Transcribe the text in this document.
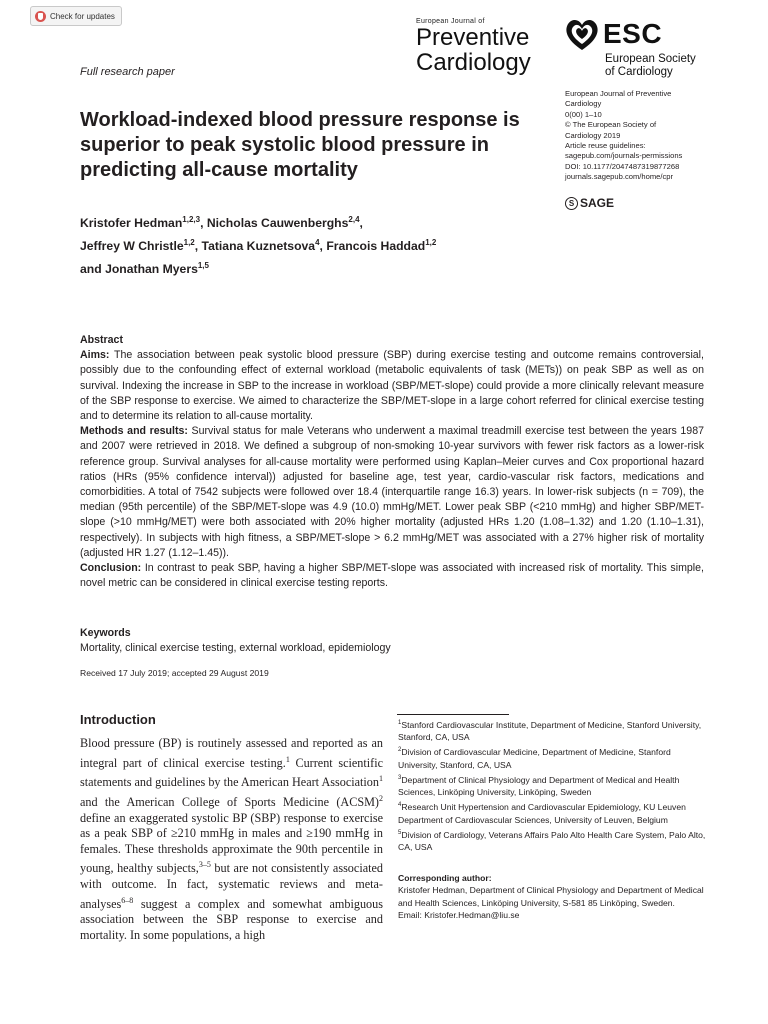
Check for updates
European Journal of
Preventive
Cardiology
ESC
European Society
of Cardiology
Full research paper
Workload-indexed blood pressure response is superior to peak systolic blood pressure in predicting all-cause mortality
European Journal of Preventive
Cardiology
0(00) 1–10
© The European Society of
Cardiology 2019
Article reuse guidelines:
sagepub.com/journals-permissions
DOI: 10.1177/2047487319877268
journals.sagepub.com/home/cpr
S SAGE
Kristofer Hedman$^{1,2,3}$, Nicholas Cauwenberghs$^{2,4}$,
Jeffrey W Christle$^{1,2}$, Tatiana Kuznetsova$^4$, Francois Haddad$^{1,2}$
and Jonathan Myers$^{1,5}$
Abstract
Aims: The association between peak systolic blood pressure (SBP) during exercise testing and outcome remains controversial, possibly due to the confounding effect of external workload (metabolic equivalents of task (METs)) on peak SBP as well as on survival. Indexing the increase in SBP to the increase in workload (SBP/MET-slope) could provide a more clinically relevant measure of the SBP response to exercise. We aimed to characterize the SBP/MET-slope in a large cohort referred for clinical exercise testing and to determine its relation to all-cause mortality.
Methods and results: Survival status for male Veterans who underwent a maximal treadmill exercise test between the years 1987 and 2007 were retrieved in 2018. We defined a subgroup of non-smoking 10-year survivors with fewer risk factors as a lower-risk reference group. Survival analyses for all-cause mortality were performed using Kaplan–Meier curves and Cox proportional hazard ratios (HRs (95% confidence interval)) adjusted for baseline age, test year, cardio-vascular risk factors, medications and comorbidities. A total of 7542 subjects were followed over 18.4 (interquartile range 16.3) years. In lower-risk subjects (n = 709), the median (95th percentile) of the SBP/MET-slope was 4.9 (10.0) mmHg/MET. Lower peak SBP (<210 mmHg) and higher SBP/MET-slope (>10 mmHg/MET) were both associated with 20% higher mortality (adjusted HRs 1.20 (1.08–1.32) and 1.20 (1.10–1.31), respectively). In subjects with high fitness, a SBP/MET-slope > 6.2 mmHg/MET was associated with a 27% higher risk of mortality (adjusted HR 1.27 (1.12–1.45)).
Conclusion: In contrast to peak SBP, having a higher SBP/MET-slope was associated with increased risk of mortality. This simple, novel metric can be considered in clinical exercise testing reports.
Keywords
Mortality, clinical exercise testing, external workload, epidemiology
Received 17 July 2019; accepted 29 August 2019
Introduction
Blood pressure (BP) is routinely assessed and reported as an integral part of clinical exercise testing.$^1$ Current scientific statements and guidelines by the American Heart Association$^1$ and the American College of Sports Medicine (ACSM)$^2$ define an exaggerated systolic BP (SBP) response to exercise as a peak SBP of ≥210 mmHg in males and ≥190 mmHg in females. These thresholds approximate the 90th percentile in young, healthy subjects,$^{3-5}$ but are not consistently associated with outcome. In fact, systematic reviews and meta-analyses$^{6-8}$ suggest a complex and somewhat ambiguous association between the SBP response to exercise and mortality. In some populations, a high
$^1$Stanford Cardiovascular Institute, Department of Medicine, Stanford University, Stanford, CA, USA
$^2$Division of Cardiovascular Medicine, Department of Medicine, Stanford University, Stanford, CA, USA
$^3$Department of Clinical Physiology and Department of Medical and Health Sciences, Linköping University, Linköping, Sweden
$^4$Research Unit Hypertension and Cardiovascular Epidemiology, KU Leuven Department of Cardiovascular Sciences, University of Leuven, Belgium
$^5$Division of Cardiology, Veterans Affairs Palo Alto Health Care System, Palo Alto, CA, USA
Corresponding author:
Kristofer Hedman, Department of Clinical Physiology and Department of Medical and Health Sciences, Linköping University, S-581 85 Linköping, Sweden.
Email: Kristofer.Hedman@liu.se
